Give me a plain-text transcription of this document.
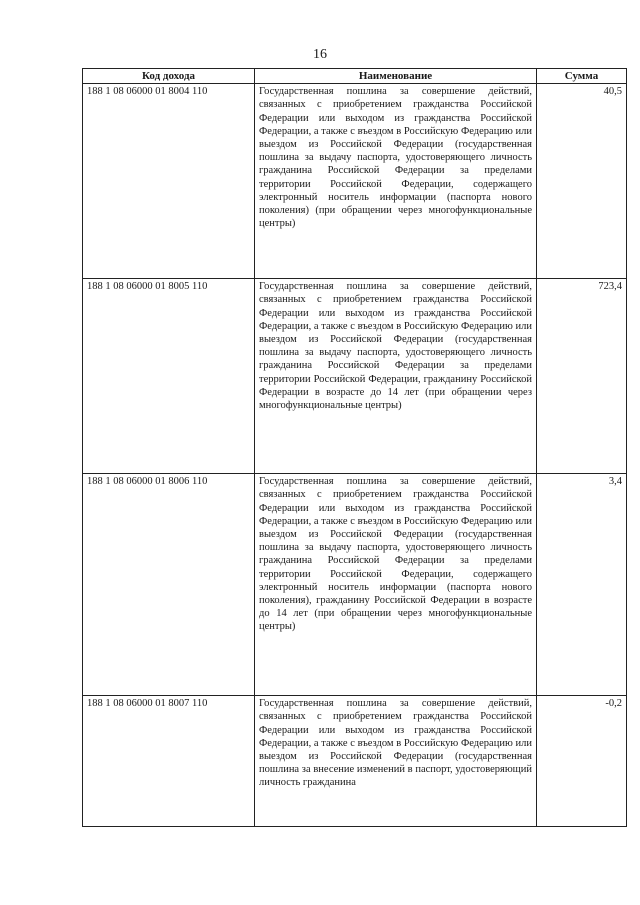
16
Код дохода	Наименование	Сумма
188 1 08 06000 01 8004 110	Государственная пошлина за совершение действий, связанных с приобретением гражданства Российской Федерации или выходом из гражданства Российской Федерации, а также с въездом в Российскую Федерацию или выездом из Российской Федерации (государственная пошлина за выдачу паспорта, удостоверяющего личность гражданина Российской Федерации за пределами территории Российской Федерации, содержащего электронный носитель информации (паспорта нового поколения) (при обращении через многофункциональные центры)	40,5
188 1 08 06000 01 8005 110	Государственная пошлина за совершение действий, связанных с приобретением гражданства Российской Федерации или выходом из гражданства Российской Федерации, а также с въездом в Российскую Федерацию или выездом из Российской Федерации (государственная пошлина за выдачу паспорта, удостоверяющего личность гражданина Российской Федерации за пределами территории Российской Федерации, гражданину Российской Федерации в возрасте до 14 лет (при обращении через многофункциональные центры)	723,4
188 1 08 06000 01 8006 110	Государственная пошлина за совершение действий, связанных с приобретением гражданства Российской Федерации или выходом из гражданства Российской Федерации, а также с въездом в Российскую Федерацию или выездом из Российской Федерации (государственная пошлина за выдачу паспорта, удостоверяющего личность гражданина Российской Федерации за пределами территории Российской Федерации, содержащего электронный носитель информации (паспорта нового поколения), гражданину Российской Федерации в возрасте до 14 лет (при обращении через многофункциональные центры)	3,4
188 1 08 06000 01 8007 110	Государственная пошлина за совершение действий, связанных с приобретением гражданства Российской Федерации или выходом из гражданства Российской Федерации, а также с въездом в Российскую Федерацию или выездом из Российской Федерации (государственная пошлина за внесение изменений в паспорт, удостоверяющий личность гражданина	-0,2
